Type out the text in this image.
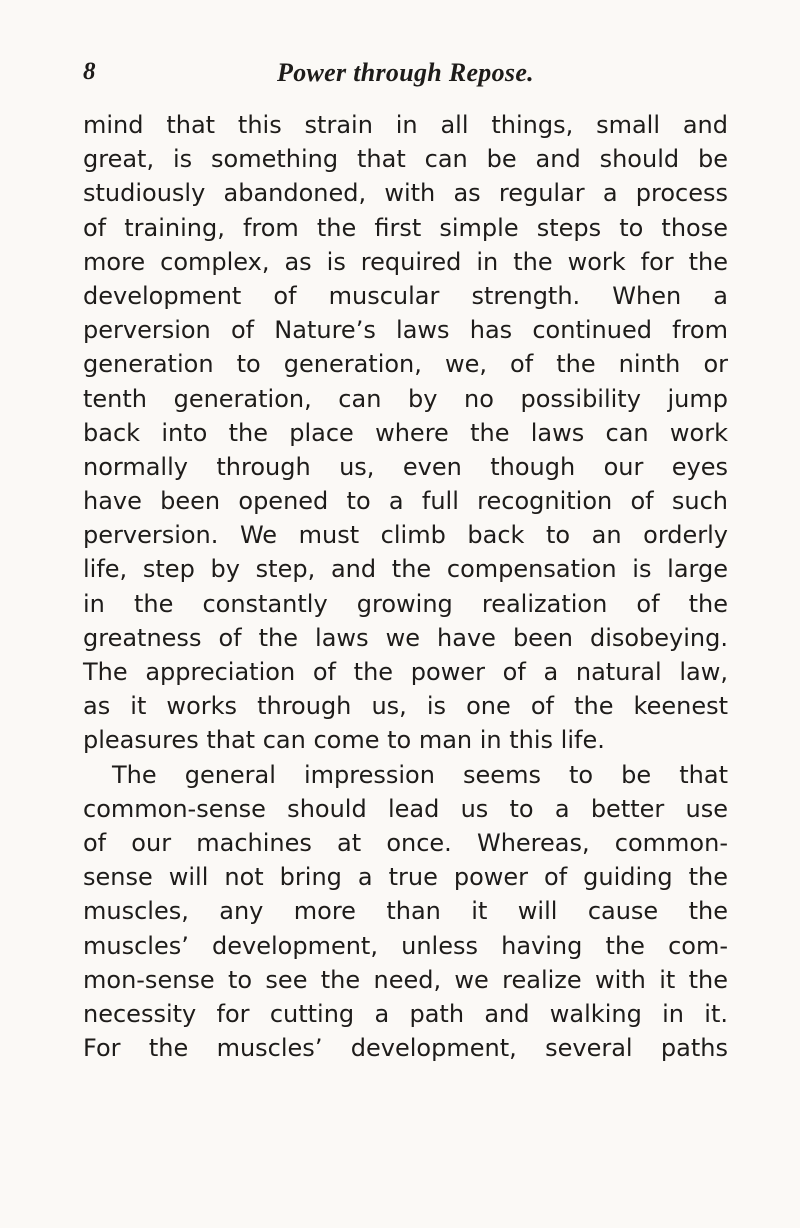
8	Power through Repose.
mind that this strain in all things, small and
great, is something that can be and should be
studiously abandoned, with as regular a process
of training, from the first simple steps to those
more complex, as is required in the work for the
development of muscular strength. When a
perversion of Nature’s laws has continued from
generation to generation, we, of the ninth or
tenth generation, can by no possibility jump
back into the place where the laws can work
normally through us, even though our eyes
have been opened to a full recognition of such
perversion. We must climb back to an orderly
life, step by step, and the compensation is large
in the constantly growing realization of the
greatness of the laws we have been disobeying.
The appreciation of the power of a natural law,
as it works through us, is one of the keenest
pleasures that can come to man in this life.
The general impression seems to be that
common-sense should lead us to a better use
of our machines at once. Whereas, common-
sense will not bring a true power of guiding the
muscles, any more than it will cause the
muscles’ development, unless having the com-
mon-sense to see the need, we realize with it the
necessity for cutting a path and walking in it.
For the muscles’ development, several paths
